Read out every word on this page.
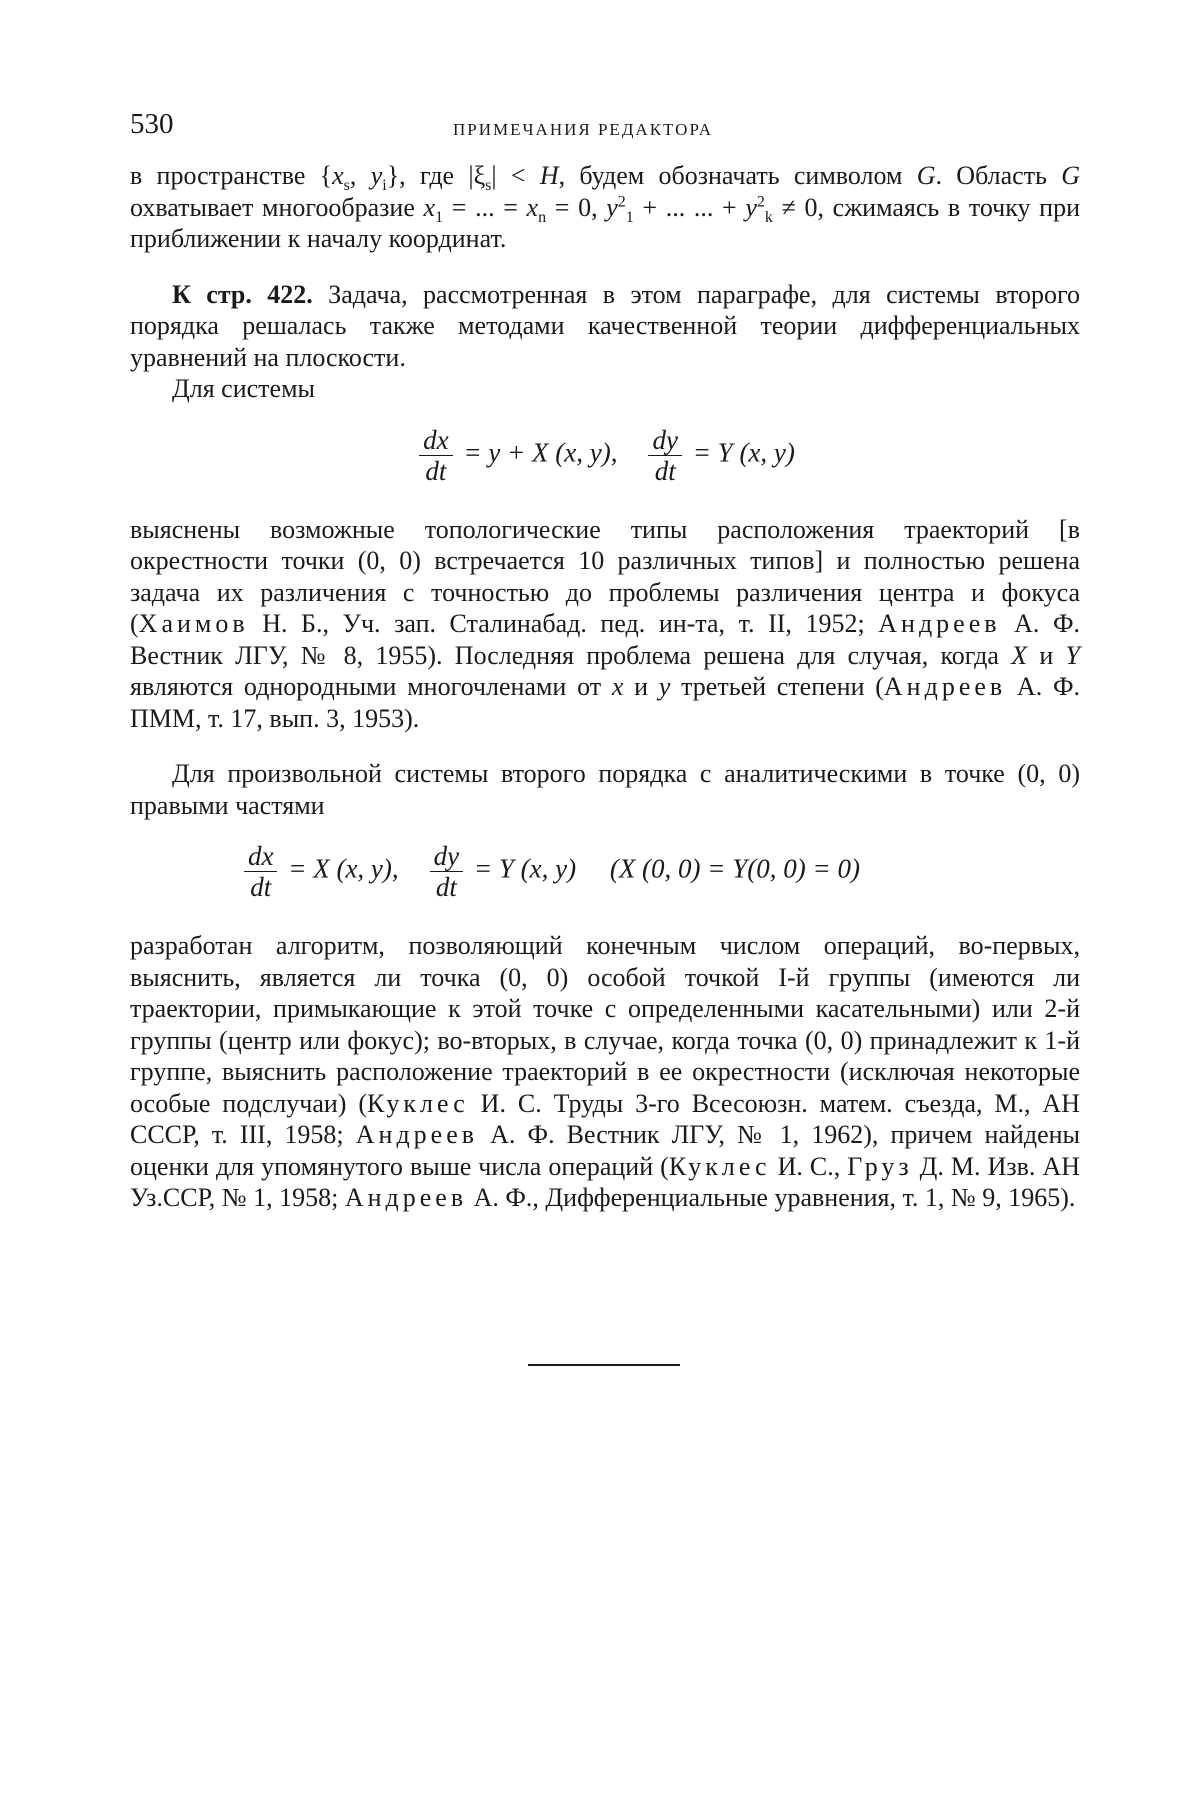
530	ПРИМЕЧАНИЯ РЕДАКТОРА

в пространстве {$x_s$, $y_i$}, где $|\xi_s| < H$, будем обозначать символом G. Область G охватывает многообразие $x_1$ = ... = $x_n = 0$, $y^2_1$ + ... ... + $y^2_k \ne 0$, сжимаясь в точку при приближении к началу координат.

К стр. 422. Задача, рассмотренная в этом параграфе, для системы второго порядка решалась также методами качественной теории дифференциальных уравнений на плоскости.

Для системы

$\frac{dx}{dt} = y + X$ (x, y), $\frac{dy}{dt} = Y$ (x, y)

выяснены возможные топологические типы расположения траекторий [в окрестности точки (0, 0) встречается 10 различных типов] и полностью решена задача их различения с точностью до проблемы различения центра и фокуса (Хаимов Н. Б., Уч. зап. Сталинабад. пед. ин-та, т. II, 1952; Андреев А. Ф. Вестник ЛГУ, № 8, 1955). Последняя проблема решена для случая, когда X и Y являются однородными многочленами от x и y третьей степени (Андреев А. Ф. ПММ, т. 17, вып. 3, 1953).

Для произвольной системы второго порядка с аналитическими в точке (0, 0) правыми частями

$\frac{dx}{dt} = X$ (x, y), $\frac{dy}{dt} = Y$ (x, y) (X (0, 0) = Y(0, 0) = 0)

разработан алгоритм, позволяющий конечным числом операций, во-первых, выяснить, является ли точка (0, 0) особой точкой I-й группы (имеются ли траектории, примыкающие к этой точке с определенными касательными) или 2-й группы (центр или фокус); во-вторых, в случае, когда точка (0, 0) принадлежит к 1-й группе, выяснить расположение траекторий в ее окрестности (исключая некоторые особые подслучаи) (Куклес И. С. Труды 3-го Всесоюзн. матем. съезда, М., АН СССР, т. III, 1958; Андреев А. Ф. Вестник ЛГУ, № 1, 1962), причем найдены оценки для упомянутого выше числа операций (Куклес И. С., Груз Д. М. Изв. АН Уз.ССР, № 1, 1958; Андреев А. Ф., Дифференциальные уравнения, т. 1, № 9, 1965).
